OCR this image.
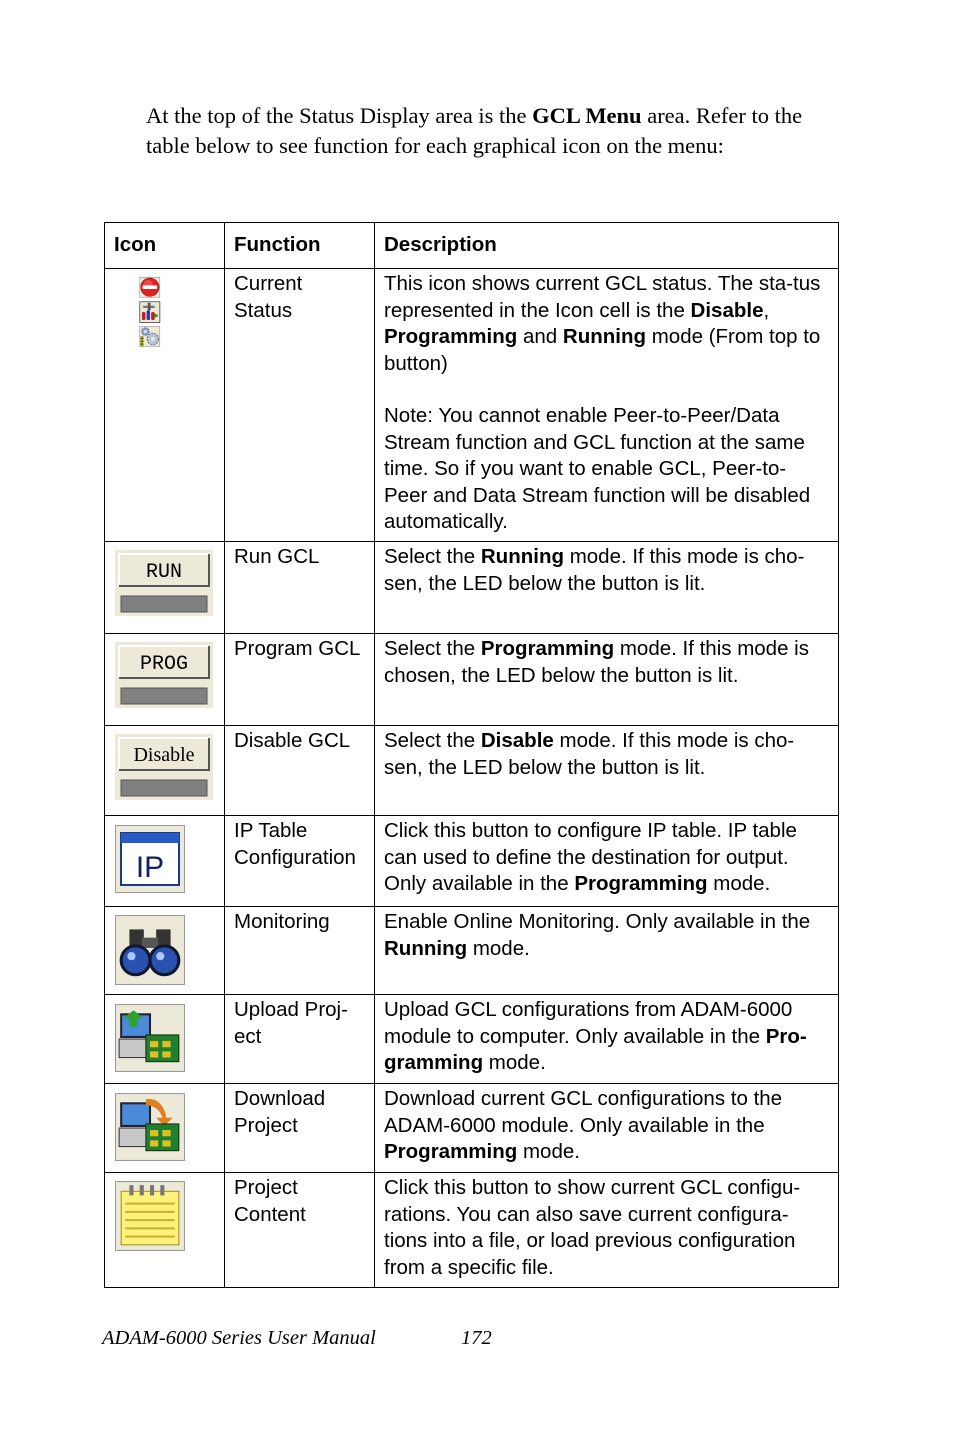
At the top of the Status Display area is the GCL Menu area. Refer to the table below to see function for each graphical icon on the menu:
Icon	Function	Description

	Current Status	This icon shows current GCL status. The sta-tus represented in the Icon cell is the Disable, Programming and Running mode (From top to button)
Note: You cannot enable Peer-to-Peer/Data Stream function and GCL function at the same time. So if you want to enable GCL, Peer-to-Peer and Data Stream function will be disabled automatically.

RUN	Run GCL	Select the Running mode. If this mode is cho-sen, the LED below the button is lit.

PROG	Program GCL	Select the Programming mode. If this mode is chosen, the LED below the button is lit.

Disable	Disable GCL	Select the Disable mode. If this mode is cho-sen, the LED below the button is lit.

IP	IP Table Configuration	Click this button to configure IP table. IP table can used to define the destination for output. Only available in the Programming mode.

	Monitoring	Enable Online Monitoring. Only available in the Running mode.

	Upload Proj-ect	Upload GCL configurations from ADAM-6000 module to computer. Only available in the Pro-gramming mode.

	Download Project	Download current GCL configurations to the ADAM-6000 module. Only available in the Programming mode.

	Project Content	Click this button to show current GCL configu-rations. You can also save current configura-tions into a file, or load previous configuration from a specific file.
ADAM-6000 Series User Manual	172
